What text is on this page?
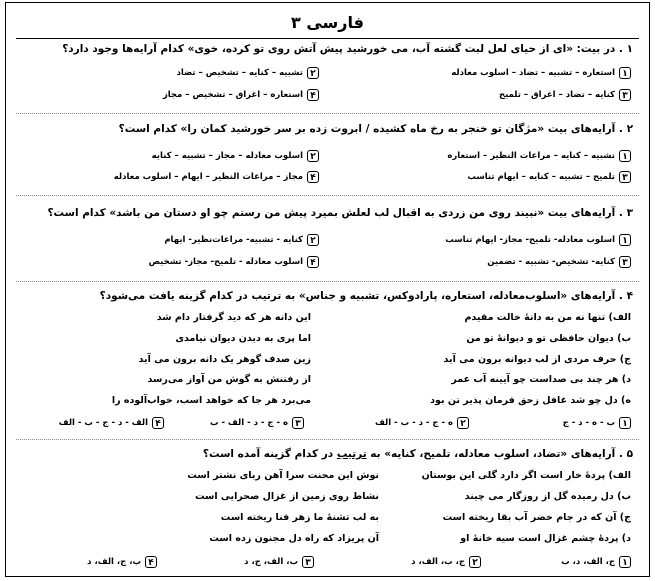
فارسی ۳
۱ . در بیت: «ای از حیای لعل لبت گشته آب، می خورشید پیش آتش روی تو کرده، خوی» کدام آرایه‌ها وجود دارد؟
۱
استعاره – تشبیه – تضاد – اسلوب معادله
۲
تشبیه – کنایه – تشخیص – تضاد
۳
کنایه – تضاد – اغراق – تلمیح
۴
استعاره – اغراق – تشخیص – مجاز
۲ . آرایه‌های بیت «مژگان تو خنجر به رخ ماه کشیده / ابروت زده بر سر خورشید کمان را» کدام است؟
۱
تشبیه – کنایه – مراعات النظیر – استعاره
۲
اسلوب معادله – مجاز – تشبیه – کنایه
۳
تلمیح – تشبیه – کنایه – ایهام تناسب
۴
مجاز – مراعات النظیر – ایهام – اسلوب معادله
۳ . آرایه‌های بیت «نبیند روی من زردی به اقبال لب لعلش بمیرد پیش من رستم چو او دستان من باشد» کدام است؟
۱
اسلوب معادله- تلمیح- مجاز- ایهام تناسب
۲
کنایه - تشبیه- مراعات‌نظیر- ایهام
۳
کنایه- تشخیص- تشبیه - تضمین
۴
اسلوب معادله - تلمیح- مجاز- تشخیص
۴ . آرایه‌های «اسلوب‌معادله، استعاره، پارادوکس، تشبیه و جناس» به ترتیب در کدام گزینه یافت می‌شود؟
الف) تنها نه من به دانۀ خالت مقیدم
این دانه هر که دید گرفتار دام شد
ب) دیوان حافظی تو و دیوانۀ تو من
اما پری به دیدن دیوان نیامدی
ج) حرف مردی از لب دیوانه برون می آید
زین صدف گوهر یک دانه برون می آید
د) هر چند بی صداست چو آیینه آب عمر
از رفتنش به گوش من آواز می‌رسد
ه) دل چو شد غافل زحق فرمان پذیر تن بود
می‌برد هر جا که خواهد اسب، خواب‌آلوده را
۱
ب - ه - د - ج
۲
ه - ج - د - ب - الف
۳
ه - ج - د - الف - ب
۴
الف - د - ج - ب - الف
۵ . آرایه‌های «تضاد، اسلوب معادله، تلمیح، کنایه» به ترتیب در کدام گزینه آمده است؟
الف) پردۀ خار است اگر دارد گلی این بوستان
نوش این محنت سرا آهن ربای نشتر است
ب) دل رمیده گل از روزگار می چیند
نشاط روی زمین از غزال صحرایی است
ج) آن که در جام خضر آب بقا ریخته است
به لب تشنۀ ما زهر فنا ریخته است
د) پردۀ چشم غزال است سیه خانۀ او
آن پریزاد که راه دل مجنون زده است
۱
ج، الف، د، ب
۲
ج، ب، الف، د
۳
ب، الف، ج، د
۴
ب، ج، الف، د
